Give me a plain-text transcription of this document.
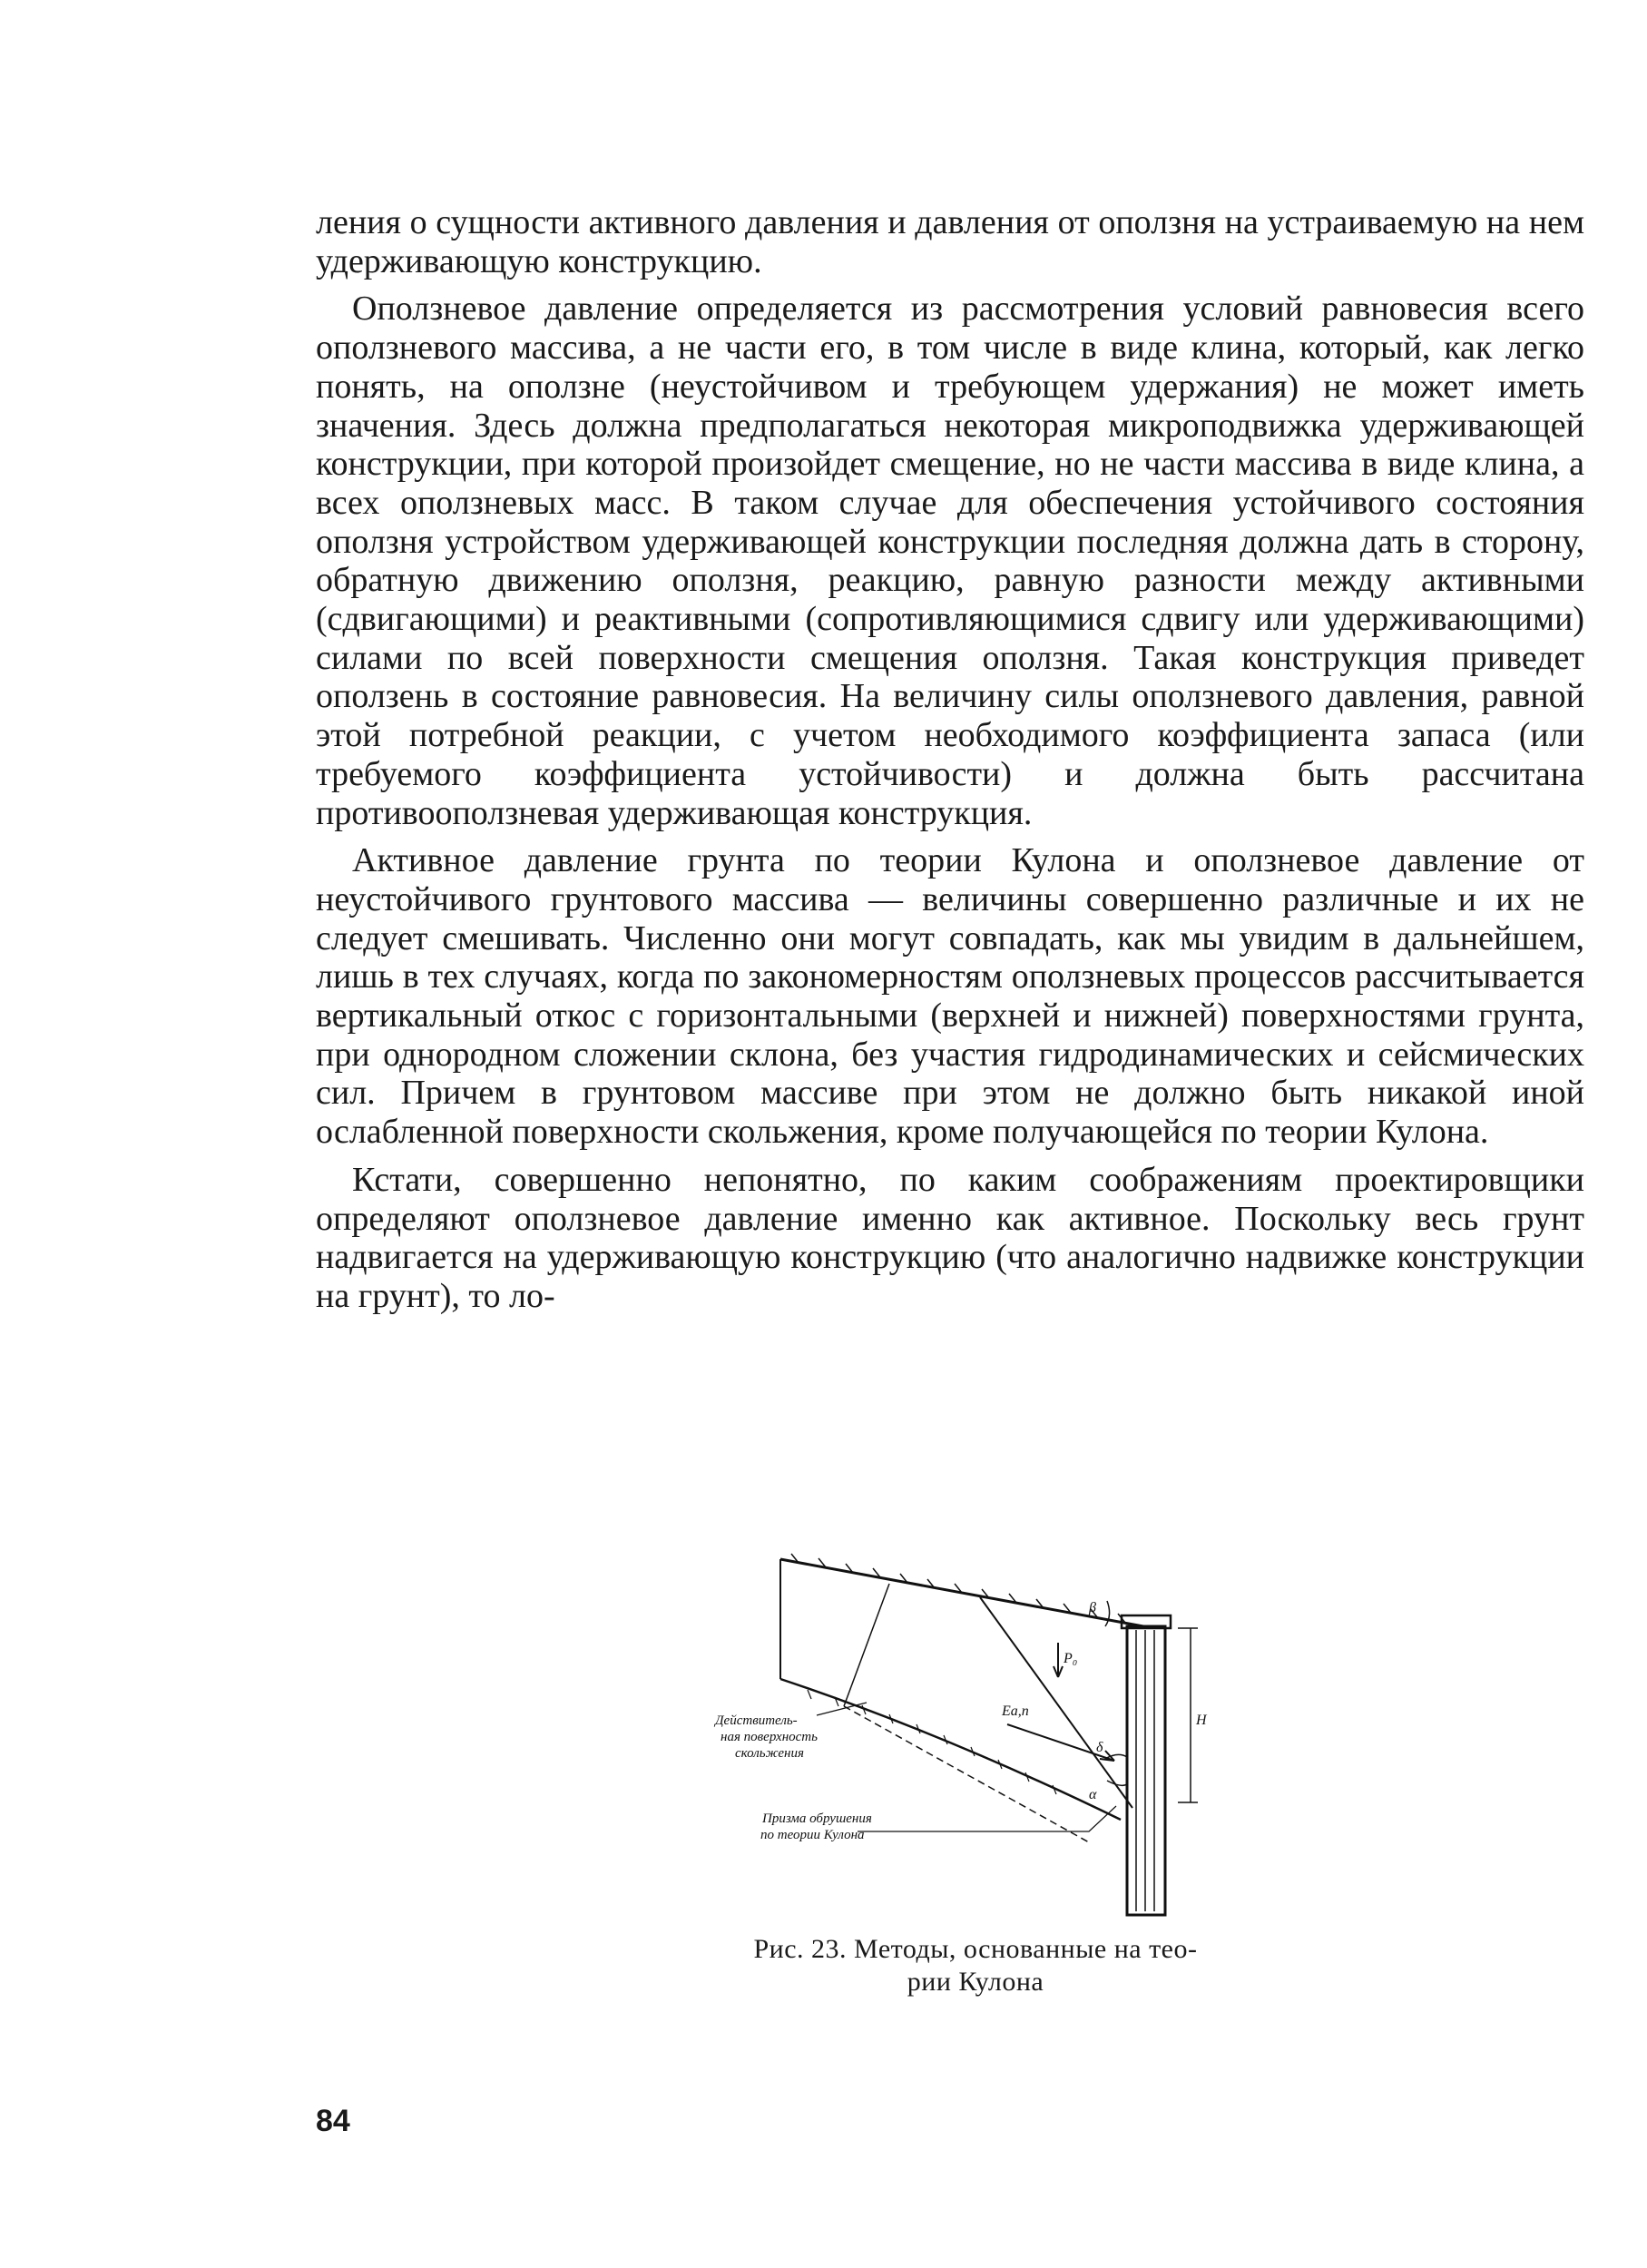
ления о сущности активного давления и давления от оползня на устраиваемую на нем удерживающую конструкцию.

Оползневое давление определяется из рассмотрения условий равновесия всего оползневого массива, а не части его, в том числе в виде клина, который, как легко понять, на оползне (неустойчивом и требующем удержания) не может иметь значения. Здесь должна предполагаться некоторая микроподвижка удерживающей конструкции, при которой произойдет смещение, но не части массива в виде клина, а всех оползневых масс. В таком случае для обеспечения устойчивого состояния оползня устройством удерживающей конструкции последняя должна дать в сторону, обратную движению оползня, реакцию, равную разности между активными (сдвигающими) и реактивными (сопротивляющимися сдвигу или удерживающими) силами по всей поверхности смещения оползня. Такая конструкция приведет оползень в состояние равновесия. На величину силы оползневого давления, равной этой потребной реакции, с учетом необходимого коэффициента запаса (или требуемого коэффициента устойчивости) и должна быть рассчитана противооползневая удерживающая конструкция.

Активное давление грунта по теории Кулона и оползневое давление от неустойчивого грунтового массива — величины совершенно различные и их не следует смешивать. Численно они могут совпадать, как мы увидим в дальнейшем, лишь в тех случаях, когда по закономерностям оползневых процессов рассчитывается вертикальный откос с горизонтальными (верхней и нижней) поверхностями грунта, при однородном сложении склона, без участия гидродинамических и сейсмических сил. Причем в грунтовом массиве при этом не должно быть никакой иной ослабленной поверхности скольжения, кроме получающейся по теории Кулона.

Кстати, совершенно непонятно, по каким соображениям проектировщики определяют оползневое давление именно как активное. Поскольку весь грунт надвигается на удерживающую конструкцию (что аналогично надвижке конструкции на грунт), то ло-

Действитель-
ная поверхность
скольжения
Призма обрушения
по теории Кулона
Eа,п
P₀
H
β
α
δ
Рис. 23. Методы, основанные на тео-
рии Кулона
84
